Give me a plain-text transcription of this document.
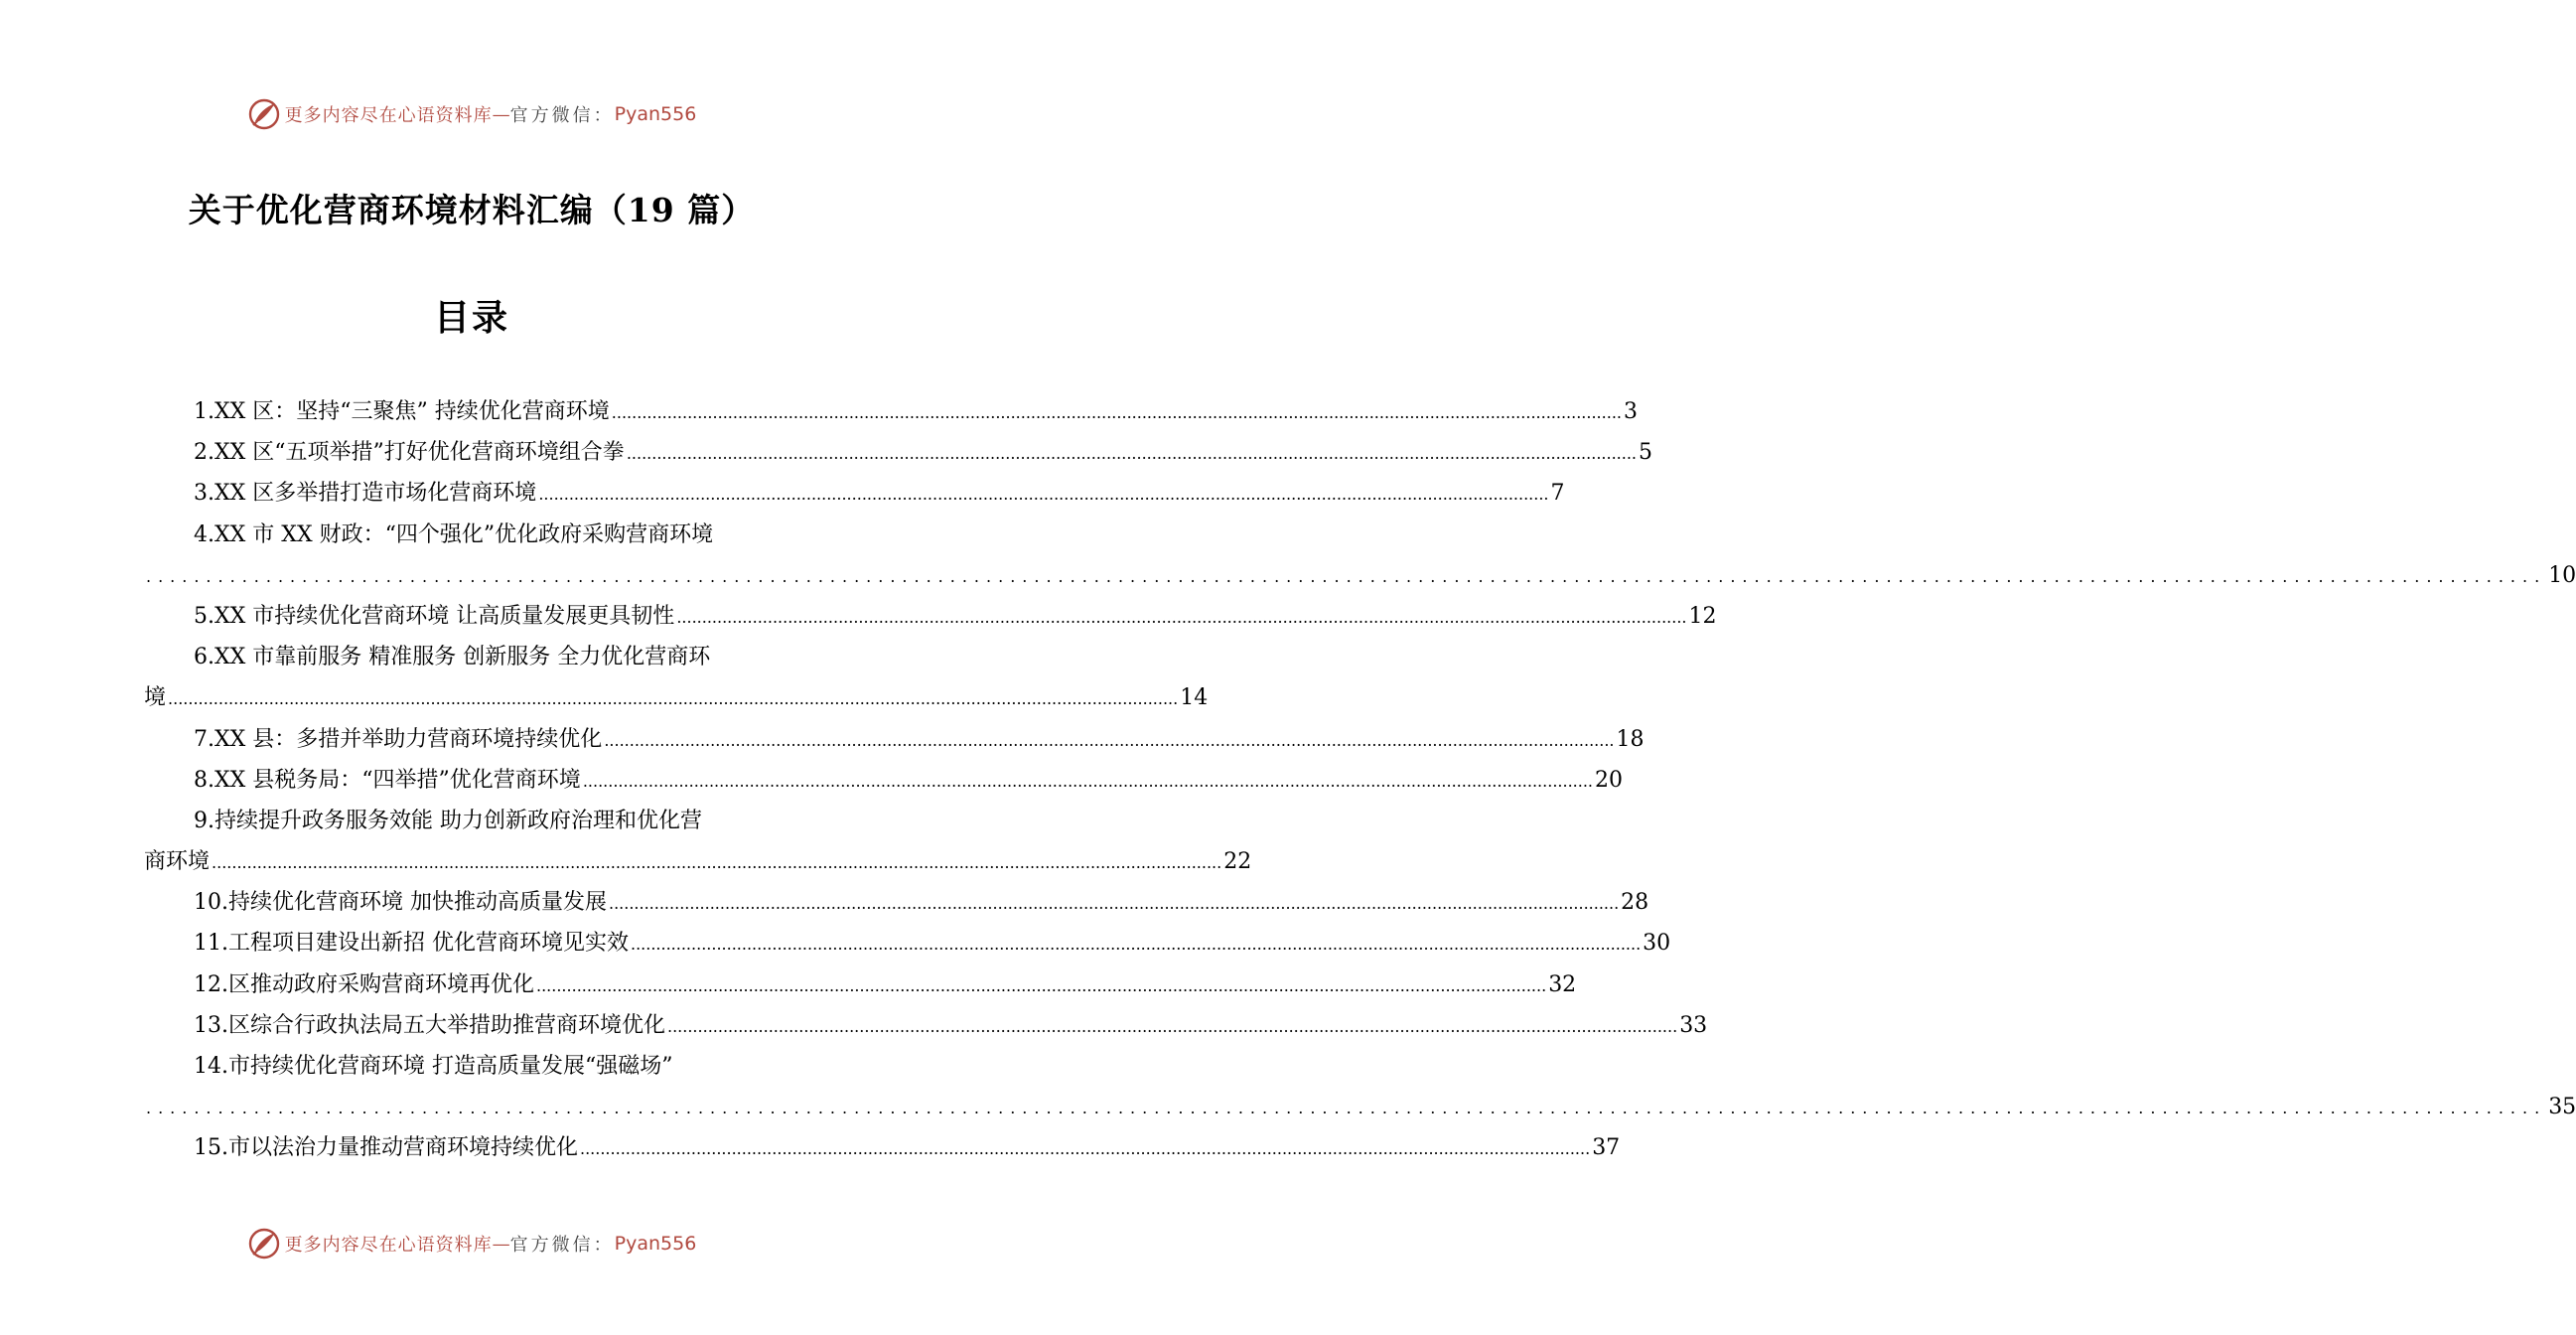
更多内容尽在心语资料库 — 官方微信： Pyan556
关于优化营商环境材料汇编（19 篇）
目录
1.XX 区：坚持“三聚焦” 持续优化营商环境 ........................................................................................................................................................................................................ 3
2.XX 区“五项举措”打好优化营商环境组合拳 ........................................................................................................................................................................................................ 5
3.XX 区多举措打造市场化营商环境 ........................................................................................................................................................................................................ 7
4.XX 市 XX 财政：“四个强化”优化政府采购营商环境
........................................................................................................................................................................................................ 10
5.XX 市持续优化营商环境 让高质量发展更具韧性 ........................................................................................................................................................................................................ 12
6.XX 市靠前服务 精准服务 创新服务 全力优化营商环
境 ........................................................................................................................................................................................................ 14
7.XX 县：多措并举助力营商环境持续优化 ........................................................................................................................................................................................................ 18
8.XX 县税务局：“四举措”优化营商环境 ........................................................................................................................................................................................................ 20
9.持续提升政务服务效能 助力创新政府治理和优化营
商环境 ........................................................................................................................................................................................................ 22
10.持续优化营商环境 加快推动高质量发展 ........................................................................................................................................................................................................ 28
11.工程项目建设出新招 优化营商环境见实效 ........................................................................................................................................................................................................ 30
12.区推动政府采购营商环境再优化 ........................................................................................................................................................................................................ 32
13.区综合行政执法局五大举措助推营商环境优化 ........................................................................................................................................................................................................ 33
14.市持续优化营商环境 打造高质量发展“强磁场”
........................................................................................................................................................................................................ 35
15.市以法治力量推动营商环境持续优化 ........................................................................................................................................................................................................ 37
更多内容尽在心语资料库 — 官方微信： Pyan556
